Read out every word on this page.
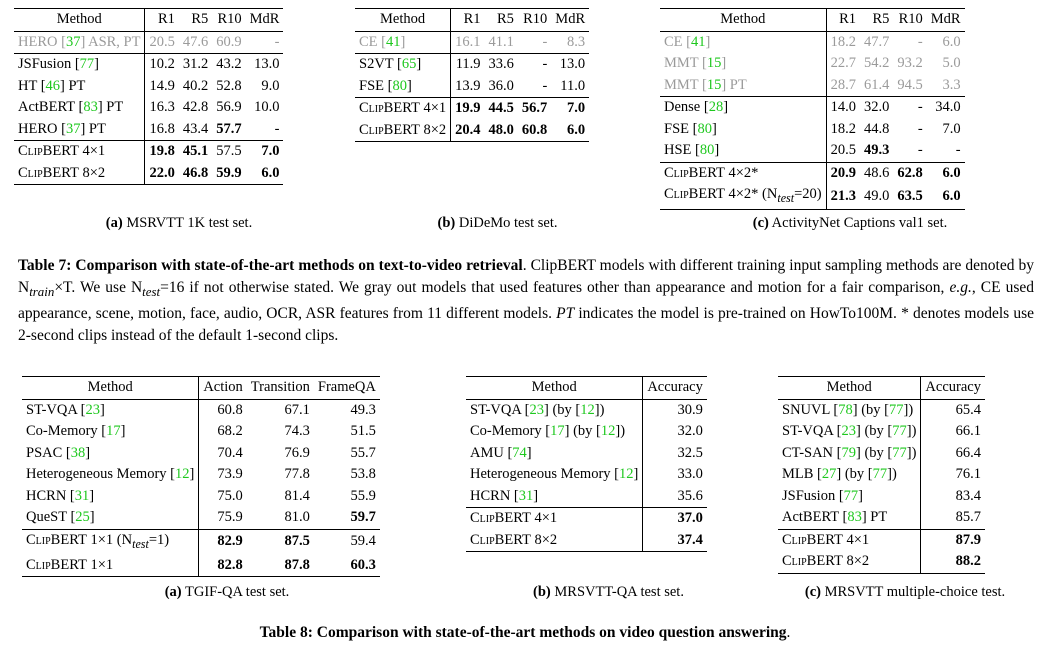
Method	R1	R5	R10	MdR
HERO [37] ASR, PT	20.5	47.6	60.9	-
JSFusion [77]	10.2	31.2	43.2	13.0
HT [46] PT	14.9	40.2	52.8	9.0
ActBERT [83] PT	16.3	42.8	56.9	10.0
HERO [37] PT	16.8	43.4	57.7	-
ClipBERT 4×1	19.8	45.1	57.5	7.0
ClipBERT 8×2	22.0	46.8	59.9	6.0
(a) MSRVTT 1K test set.
Method	R1	R5	R10	MdR
CE [41]	16.1	41.1	-	8.3
S2VT [65]	11.9	33.6	-	13.0
FSE [80]	13.9	36.0	-	11.0
ClipBERT 4×1	19.9	44.5	56.7	7.0
ClipBERT 8×2	20.4	48.0	60.8	6.0
(b) DiDeMo test set.
Method	R1	R5	R10	MdR
CE [41]	18.2	47.7	-	6.0
MMT [15]	22.7	54.2	93.2	5.0
MMT [15] PT	28.7	61.4	94.5	3.3
Dense [28]	14.0	32.0	-	34.0
FSE [80]	18.2	44.8	-	7.0
HSE [80]	20.5	49.3	-	-
ClipBERT 4×2*	20.9	48.6	62.8	6.0
ClipBERT 4×2* $(N_{test}=20)$	21.3	49.0	63.5	6.0
(c) ActivityNet Captions val1 set.
Table 7: Comparison with state-of-the-art methods on text-to-video retrieval. ClipBERT models with different training input sampling methods are denoted by $N_{train}\times T$. We use $N_{test}=16$ if not otherwise stated. We gray out models that used features other than appearance and motion for a fair comparison, e.g., CE used appearance, scene, motion, face, audio, OCR, ASR features from 11 different models. PT indicates the model is pre-trained on HowTo100M. * denotes models use 2-second clips instead of the default 1-second clips.
Method	Action	Transition	FrameQA
ST-VQA [23]	60.8	67.1	49.3
Co-Memory [17]	68.2	74.3	51.5
PSAC [38]	70.4	76.9	55.7
Heterogeneous Memory [12]	73.9	77.8	53.8
HCRN [31]	75.0	81.4	55.9
QueST [25]	75.9	81.0	59.7
ClipBERT 1×1 $(N_{test}=1)$	82.9	87.5	59.4
ClipBERT 1×1	82.8	87.8	60.3
(a) TGIF-QA test set.
Method	Accuracy
ST-VQA [23] (by [12])	30.9
Co-Memory [17] (by [12])	32.0
AMU [74]	32.5
Heterogeneous Memory [12]	33.0
HCRN [31]	35.6
ClipBERT 4×1	37.0
ClipBERT 8×2	37.4
(b) MRSVTT-QA test set.
Method	Accuracy
SNUVL [78] (by [77])	65.4
ST-VQA [23] (by [77])	66.1
CT-SAN [79] (by [77])	66.4
MLB [27] (by [77])	76.1
JSFusion [77]	83.4
ActBERT [83] PT	85.7
ClipBERT 4×1	87.9
ClipBERT 8×2	88.2
(c) MRSVTT multiple-choice test.
Table 8: Comparison with state-of-the-art methods on video question answering.
